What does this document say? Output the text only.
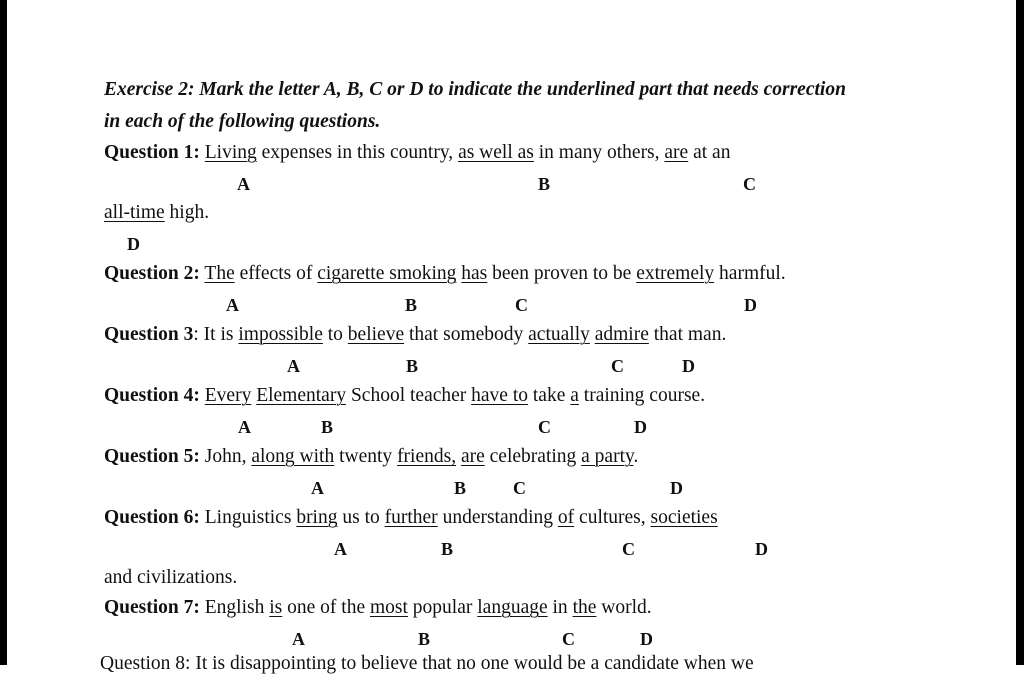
Exercise 2: Mark the letter A, B, C or D to indicate the underlined part that needs correction
in each of the following questions.
Question 1: Living expenses in this country, as well as in many others, are at an
A	B	C
all-time high.
D
Question 2: The effects of cigarette smoking has been proven to be extremely harmful.
A	B	C	D
Question 3: It is impossible to believe that somebody actually admire that man.
A	B	C	D
Question 4: Every Elementary School teacher have to take a training course.
A	B	C	D
Question 5: John, along with twenty friends, are celebrating a party.
A	B	C	D
Question 6: Linguistics bring us to further understanding of cultures, societies
A	B	C	D
and civilizations.
Question 7: English is one of the most popular language in the world.
A	B	C	D
Question 8: It is disappointing to believe that no one would be a candidate when we
